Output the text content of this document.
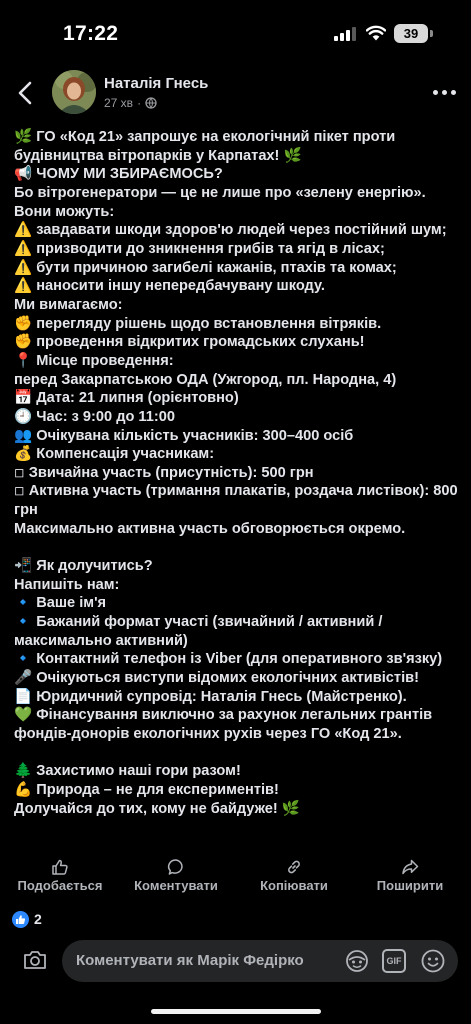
17:22	39
Наталія Гнесь
27 хв ·

🌿 ГО «Код 21» запрошує на екологічний пікет проти будівництва вітропарків у Карпатах! 🌿

📢 ЧОМУ МИ ЗБИРАЄМОСЬ?

Бо вітрогенератори — це не лише про «зелену енергію». Вони можуть:

⚠️ завдавати шкоди здоров'ю людей через постійний шум;

⚠️ призводити до зникнення грибів та ягід в лісах;

⚠️ бути причиною загибелі кажанів, птахів та комах;

⚠️ наносити іншу непередбачувану шкоду.

Ми вимагаємо:

✊ перегляду рішень щодо встановлення вітряків.

✊ проведення відкритих громадських слухань!

📍 Місце проведення:

перед Закарпатською ОДА (Ужгород, пл. Народна, 4)

📅 Дата: 21 липня (орієнтовно)

🕘 Час: з 9:00 до 11:00

👥 Очікувана кількість учасників: 300–400 осіб

💰 Компенсація учасникам:

◽ Звичайна участь (присутність): 500 грн

◽ Активна участь (тримання плакатів, роздача листівок): 800 грн

Максимально активна участь обговорюється окремо.

📲 Як долучитись?

Напишіть нам:

🔹 Ваше ім'я

🔹 Бажаний формат участі (звичайний / активний / максимально активний)

🔹 Контактний телефон із Viber (для оперативного зв'язку)

🎤 Очікуються виступи відомих екологічних активістів!

📄 Юридичний супровід: Наталія Гнесь (Майстренко).

💚 Фінансування виключно за рахунок легальних грантів фондів-донорів екологічних рухів через ГО «Код 21».

🌲 Захистимо наші гори разом!

💪 Природа – не для експериментів!

Долучайся до тих, кому не байдуже! 🌿

Подобається	Коментувати	Копіювати	Поширити
2
Коментувати як Марік Федірко	GIF
